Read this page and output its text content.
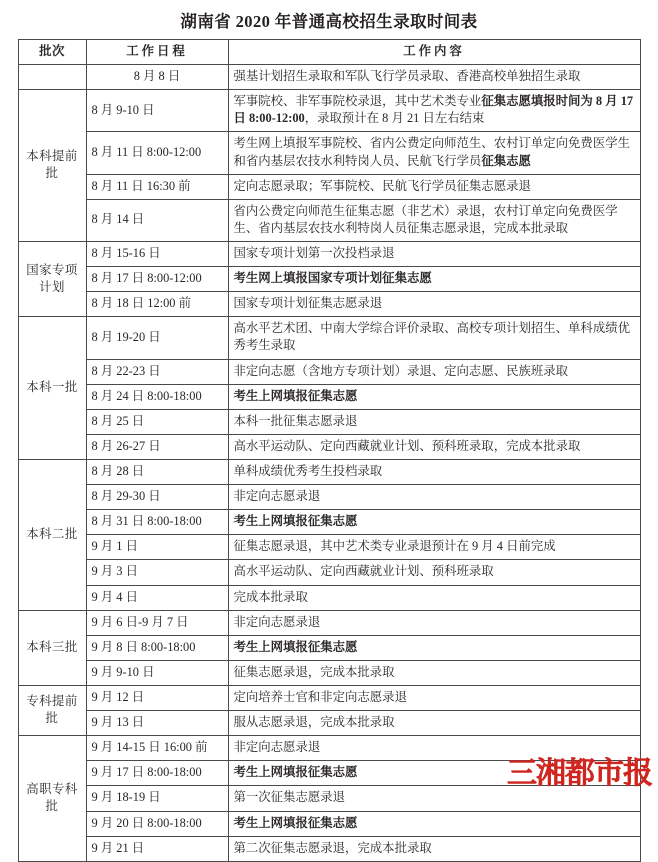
湖南省 2020 年普通高校招生录取时间表
批次	工作日程	工作内容
	8 月 8 日	强基计划招生录取和军队飞行学员录取、香港高校单独招生录取
本科提前批	8 月 9-10 日	军事院校、非军事院校录退，其中艺术类专业征集志愿填报时间为 8 月 17 日 8:00-12:00，录取预计在 8 月 21 日左右结束
	8 月 11 日 8:00-12:00	考生网上填报军事院校、省内公费定向师范生、农村订单定向免费医学生和省内基层农技水利特岗人员、民航飞行学员征集志愿
	8 月 11 日 16:30 前	定向志愿录取；军事院校、民航飞行学员征集志愿录退
	8 月 14 日	省内公费定向师范生征集志愿（非艺术）录退，农村订单定向免费医学生、省内基层农技水利特岗人员征集志愿录退，完成本批录取
国家专项计划	8 月 15-16 日	国家专项计划第一次投档录退
	8 月 17 日 8:00-12:00	考生网上填报国家专项计划征集志愿
	8 月 18 日 12:00 前	国家专项计划征集志愿录退
本科一批	8 月 19-20 日	高水平艺术团、中南大学综合评价录取、高校专项计划招生、单科成绩优秀考生录取
	8 月 22-23 日	非定向志愿（含地方专项计划）录退、定向志愿、民族班录取
	8 月 24 日 8:00-18:00	考生上网填报征集志愿
	8 月 25 日	本科一批征集志愿录退
	8 月 26-27 日	高水平运动队、定向西藏就业计划、预科班录取，完成本批录取
本科二批	8 月 28 日	单科成绩优秀考生投档录取
	8 月 29-30 日	非定向志愿录退
	8 月 31 日 8:00-18:00	考生上网填报征集志愿
	9 月 1 日	征集志愿录退，其中艺术类专业录退预计在 9 月 4 日前完成
	9 月 3 日	高水平运动队、定向西藏就业计划、预科班录取
	9 月 4 日	完成本批录取
本科三批	9 月 6 日-9 月 7 日	非定向志愿录退
	9 月 8 日 8:00-18:00	考生上网填报征集志愿
	9 月 9-10 日	征集志愿录退，完成本批录取
专科提前批	9 月 12 日	定向培养士官和非定向志愿录退
	9 月 13 日	服从志愿录退，完成本批录取
高职专科 批	9 月 14-15 日 16:00 前	非定向志愿录退
	9 月 17 日 8:00-18:00	考生上网填报征集志愿
	9 月 18-19 日	第一次征集志愿录退
	9 月 20 日 8:00-18:00	考生上网填报征集志愿
	9 月 21 日	第二次征集志愿录退，完成本批录取
三湘都市报
